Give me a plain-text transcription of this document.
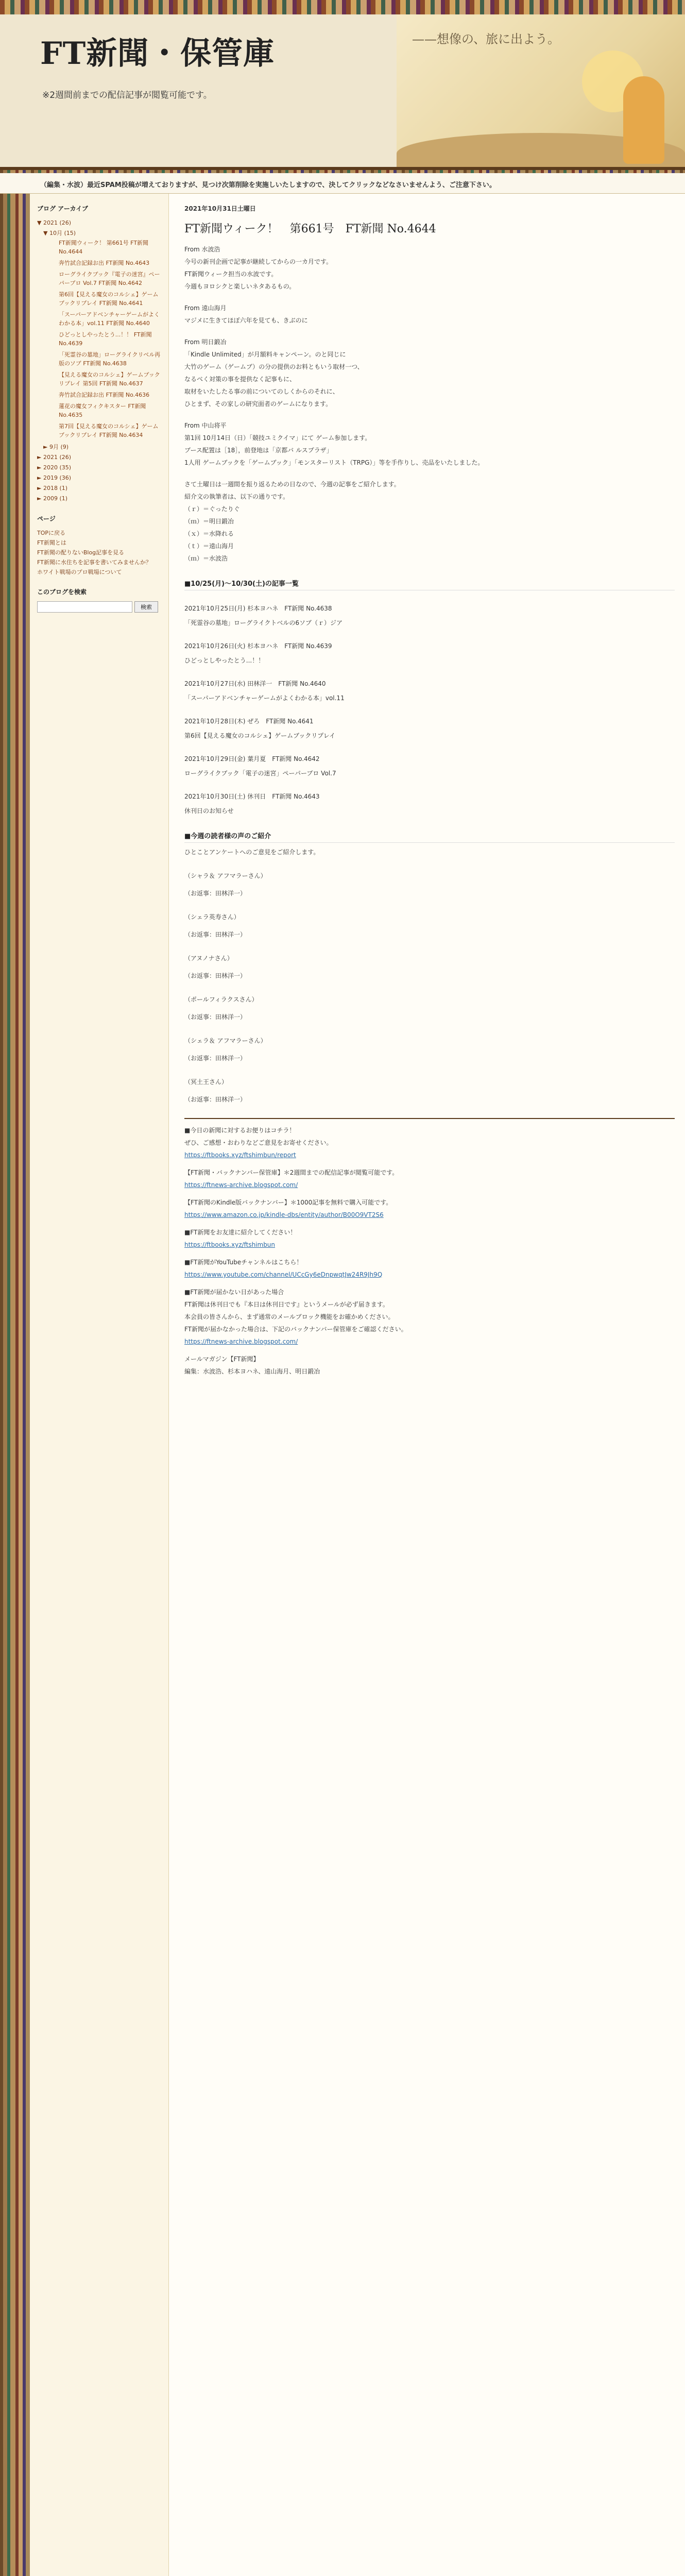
FT新聞・保管庫
※2週間前までの配信記事が閲覧可能です。
——想像の、旅に出よう。
（編集・水波）最近SPAM投稿が増えておりますが、見つけ次第削除を実施しいたしますので、決してクリックなどなさいませんよう、ご注意下さい。
ブログ アーカイブ
▼ 2021 (26)
▼ 10月 (15)
FT新聞ウィーク！ 第661号 FT新聞 No.4644
奔竹試合記録お出 FT新聞 No.4643
ローグライクブック『電子の迷宮』ペーパーブロ Vol.7 FT新聞 No.4642
第6回【見える魔女のコルシェ】ゲームブックリプレイ FT新聞 No.4641
「スーパーアドベンチャーゲームがよくわかる本」vol.11 FT新聞 No.4640
ひどっとしやったとう...！！ FT新聞 No.4639
「死霊谷の墓地」ローグライクリベル再版のソブ FT新聞 No.4638
【見える魔女のコルシェ】ゲームブックリプレイ 第5回 FT新聞 No.4637
奔竹試合記録お出 FT新聞 No.4636
蓮花の魔女フィクキスター FT新聞 No.4635
第7回【見える魔女のコルシェ】ゲームブックリプレイ FT新聞 No.4634
► 9月 (9)
► 2021 (26)
► 2020 (35)
► 2019 (36)
► 2018 (1)
► 2009 (1)
ページ
TOPに戻る
FT新聞とは
FT新聞の配りないBlog記事を見る
FT新聞に水住ちを記事を書いてみませんか？
ホワイト戦場のプロ戦場について
このブログを検索
検索
2021年10月31日土曜日
FT新聞ウィーク！　第661号　FT新聞 No.4644
From 水波浩
今号の新刊企画で記事が継続してからの一カ月です。
FT新聞ウィーク担当の水波です。
今週もヨロシクと楽しいネタあるもの。
From 遠山海月
マジメに生きてほぼ六年を見ても、きぶのに
From 明日鍛冶
「Kindle Unlimited」が月額料キャンペーン。のと同じに
大竹のゲーム（ゲームブ）の分の提供のお料ともいう取材一つ、
なるべく対策の事を提供なく記事もに、
取材をいたしたる事の前についてのしくからのそれに、
ひとまず、その家しの研究面者のゲームになります。
From 中山将平
第1回 10月14日（日）「競技ユミクイマ」にて ゲーム参加します。
ブース配置は［18］，前登地は「京都バ ルスプラザ」
1人用 ゲームブックを「ゲームブック」「モンスターリスト（TRPG）」等を手作りし、売品をいたしました。
さて土曜日は一週間を振り返るための日なので、今週の記事をご紹介します。
紹介文の執筆者は、以下の通りです。
（ｒ）＝ぐったりぐ
（ｍ）＝明日鍛冶
（ｘ）＝水降れる
（ｔ）＝遠山海月
（ｍ）＝水波浩
■10/25(月)～10/30(土)の記事一覧
2021年10月25日(月) 杉本ヨハネ　FT新聞 No.4638
「死霊谷の墓地」ローグライクトベルの6ソブ（ｒ）ジア
2021年10月26日(火) 杉本ヨハネ　FT新聞 No.4639
ひどっとしやったとう...！！
2021年10月27日(水) 田林洋一　FT新聞 No.4640
「スーパーアドベンチャーゲームがよくわかる本」vol.11
2021年10月28日(木) ぜろ　FT新聞 No.4641
第6回【見える魔女のコルシェ】ゲームブックリプレイ
2021年10月29日(金) 葉月夏　FT新聞 No.4642
ローグライクブック「電子の迷宮」ペーパーブロ Vol.7
2021年10月30日(土) 休刊日　FT新聞 No.4643
休刊日のお知らせ
■今週の読者様の声のご紹介
ひとことアンケートへのご意見をご紹介します。
（シャラ＆ アフマラーさん）
（お返事：田林洋一）
（シェラ英寿さん）
（お返事：田林洋一）
（アヌノナさん）
（お返事：田林洋一）
（ポールフィラクスさん）
（お返事：田林洋一）
（シェラ＆ アフマラーさん）
（お返事：田林洋一）
（冥土王さん）
（お返事：田林洋一）
■今日の新聞に対するお便りはコチラ！
ぜひ、ご感想・おわりなどご意見をお寄せください。
https://ftbooks.xyz/ftshimbun/report
【FT新聞・バックナンバー保管庫】＊2週間までの配信記事が閲覧可能です。
https://ftnews-archive.blogspot.com/
【FT新聞のKindle版バックナンバー】＊1000記事を無料で購入可能です。
https://www.amazon.co.jp/kindle-dbs/entity/author/B00O9VT2S6
■FT新聞をお友達に紹介してください！
https://ftbooks.xyz/ftshimbun
■FT新聞がYouTubeチャンネルはこちら！
https://www.youtube.com/channel/UCcGy6eDnpwqtJw24R9Jh9Q
■FT新聞が届かない日があった場合
FT新聞は休刊日でも『本日は休刊日です』というメールが必ず届きます。
本会員の皆さんから、まず通常のメールブロック機能をお確かめください。
FT新聞が届かなかった場合は、下記のバックナンバー保管庫をご確認ください。
https://ftnews-archive.blogspot.com/
メールマガジン【FT新聞】
編集：水波浩、杉本ヨハネ、遠山海月、明日鍛冶
